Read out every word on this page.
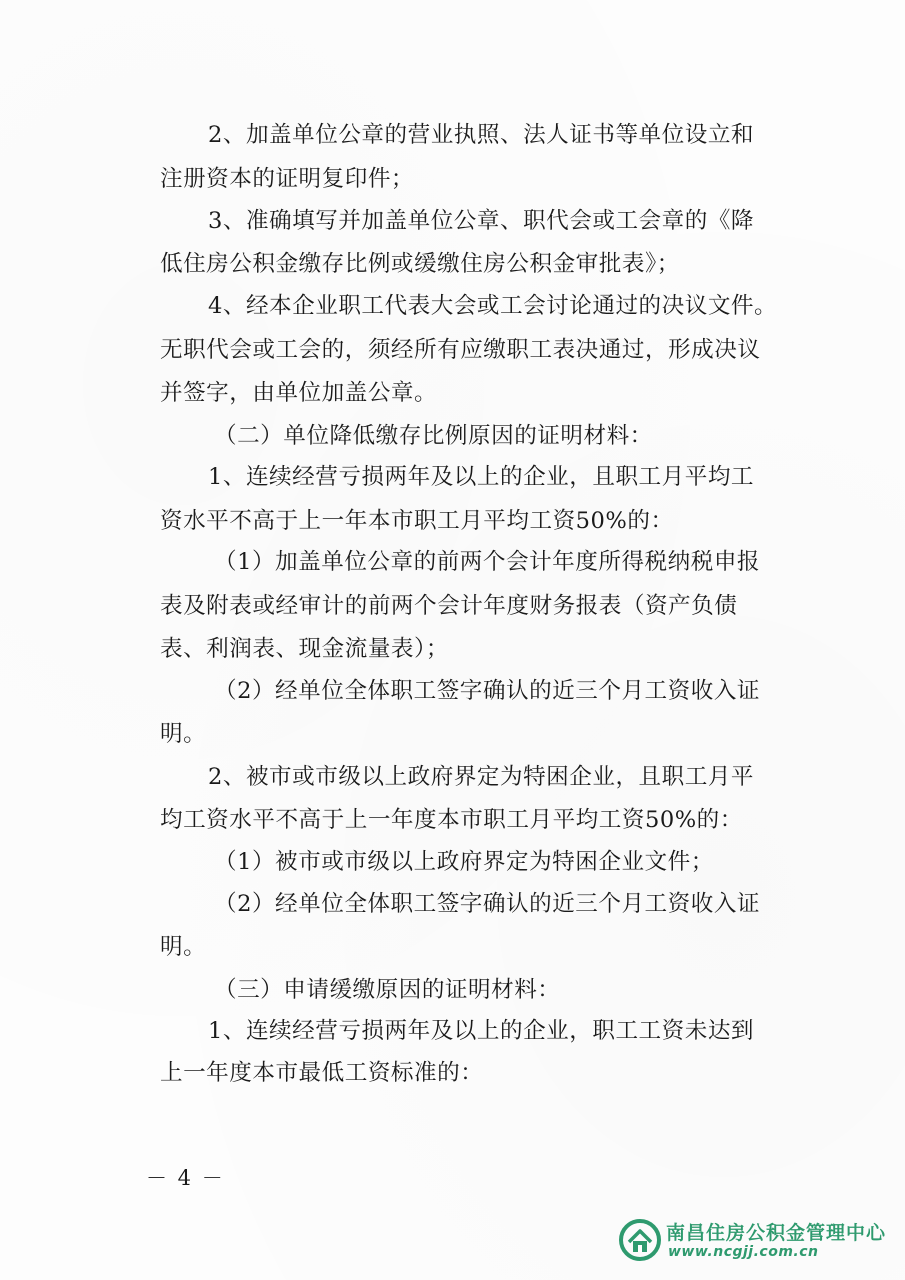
2、加盖单位公章的营业执照、法人证书等单位设立和
注册资本的证明复印件；
3、准确填写并加盖单位公章、职代会或工会章的《降
低住房公积金缴存比例或缓缴住房公积金审批表》；
4、经本企业职工代表大会或工会讨论通过的决议文件。
无职代会或工会的，须经所有应缴职工表决通过，形成决议
并签字，由单位加盖公章。
（二）单位降低缴存比例原因的证明材料：
1、连续经营亏损两年及以上的企业，且职工月平均工
资水平不高于上一年本市职工月平均工资50%的：
（1）加盖单位公章的前两个会计年度所得税纳税申报
表及附表或经审计的前两个会计年度财务报表（资产负债
表、利润表、现金流量表）；
（2）经单位全体职工签字确认的近三个月工资收入证
明。
2、被市或市级以上政府界定为特困企业，且职工月平
均工资水平不高于上一年度本市职工月平均工资50%的：
（1）被市或市级以上政府界定为特困企业文件；
（2）经单位全体职工签字确认的近三个月工资收入证
明。
（三）申请缓缴原因的证明材料：
1、连续经营亏损两年及以上的企业，职工工资未达到
上一年度本市最低工资标准的：
－ 4 －
南昌住房公积金管理中心
www.ncgjj.com.cn
